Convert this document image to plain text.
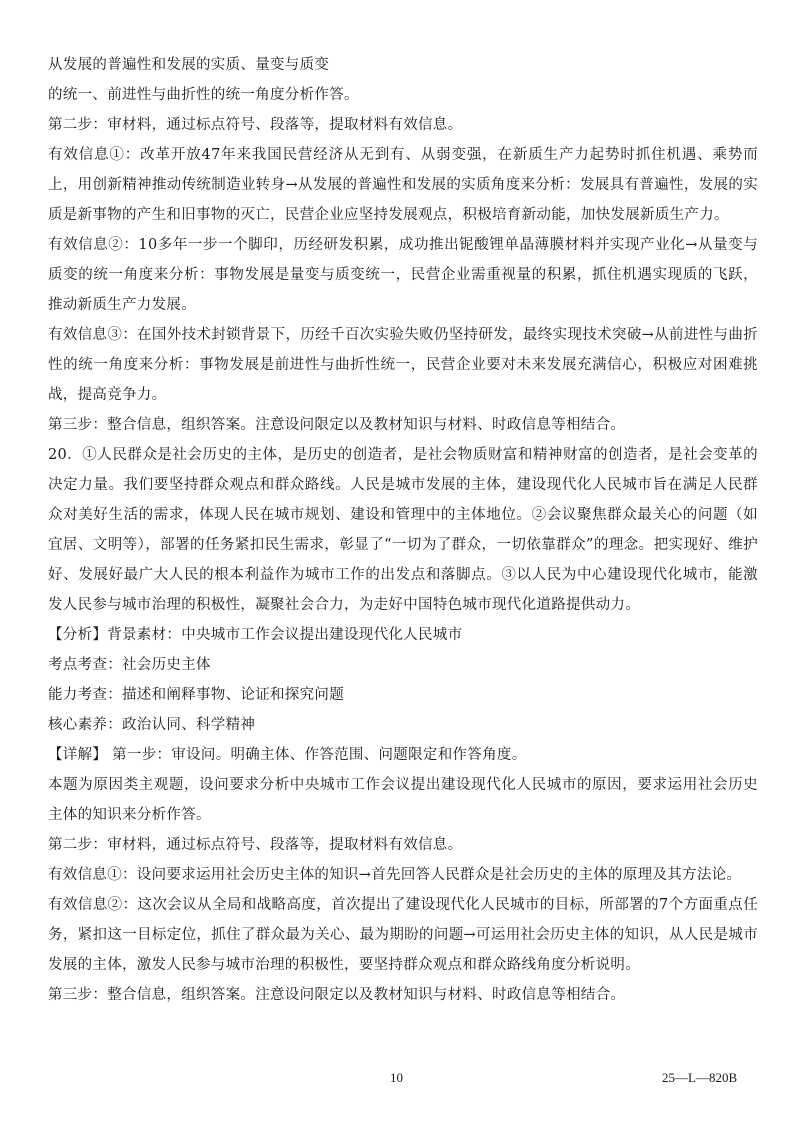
从发展的普遍性和发展的实质、量变与质变

的统一、前进性与曲折性的统一角度分析作答。

第二步：审材料，通过标点符号、段落等，提取材料有效信息。

有效信息①：改革开放47年来我国民营经济从无到有、从弱变强，在新质生产力起势时抓住机遇、乘势而上，用创新精神推动传统制造业转身→从发展的普遍性和发展的实质角度来分析：发展具有普遍性，发展的实质是新事物的产生和旧事物的灭亡，民营企业应坚持发展观点，积极培育新动能，加快发展新质生产力。

有效信息②：10多年一步一个脚印，历经研发积累，成功推出铌酸锂单晶薄膜材料并实现产业化→从量变与质变的统一角度来分析：事物发展是量变与质变统一，民营企业需重视量的积累，抓住机遇实现质的飞跃，推动新质生产力发展。

有效信息③：在国外技术封锁背景下，历经千百次实验失败仍坚持研发，最终实现技术突破→从前进性与曲折性的统一角度来分析：事物发展是前进性与曲折性统一，民营企业要对未来发展充满信心，积极应对困难挑战，提高竞争力。

第三步：整合信息，组织答案。注意设问限定以及教材知识与材料、时政信息等相结合。

20．①人民群众是社会历史的主体，是历史的创造者，是社会物质财富和精神财富的创造者，是社会变革的决定力量。我们要坚持群众观点和群众路线。人民是城市发展的主体，建设现代化人民城市旨在满足人民群众对美好生活的需求，体现人民在城市规划、建设和管理中的主体地位。②会议聚焦群众最关心的问题（如宜居、文明等），部署的任务紧扣民生需求，彰显了“一切为了群众，一切依靠群众”的理念。把实现好、维护好、发展好最广大人民的根本利益作为城市工作的出发点和落脚点。③以人民为中心建设现代化城市，能激发人民参与城市治理的积极性，凝聚社会合力，为走好中国特色城市现代化道路提供动力。

【分析】背景素材：中央城市工作会议提出建设现代化人民城市

考点考查：社会历史主体

能力考查：描述和阐释事物、论证和探究问题

核心素养：政治认同、科学精神

【详解】 第一步：审设问。明确主体、作答范围、问题限定和作答角度。

本题为原因类主观题，设问要求分析中央城市工作会议提出建设现代化人民城市的原因，要求运用社会历史主体的知识来分析作答。

第二步：审材料，通过标点符号、段落等，提取材料有效信息。

有效信息①：设问要求运用社会历史主体的知识→首先回答人民群众是社会历史的主体的原理及其方法论。

有效信息②：这次会议从全局和战略高度，首次提出了建设现代化人民城市的目标，所部署的7个方面重点任务，紧扣这一目标定位，抓住了群众最为关心、最为期盼的问题→可运用社会历史主体的知识，从人民是城市发展的主体，激发人民参与城市治理的积极性，要坚持群众观点和群众路线角度分析说明。

第三步：整合信息，组织答案。注意设问限定以及教材知识与材料、时政信息等相结合。

10	25—L—820B
